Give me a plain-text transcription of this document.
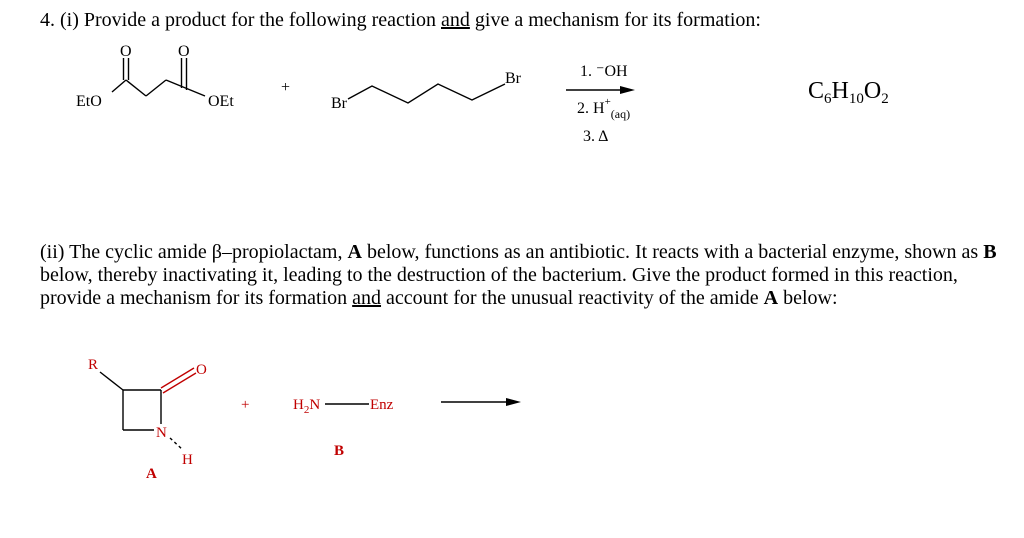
4. (i) Provide a product for the following reaction and give a mechanism for its formation:
O	O
EtO	OEt
+
Br
Br	1. ⁻OH
2. $H^+_{(aq)}$
3. Δ
$C_6H_{10}O_2$
R	O
N
H
A
+	$H_2N$	Enz
B
(ii) The cyclic amide β–propiolactam, A below, functions as an antibiotic. It reacts with a bacterial enzyme, shown as B below, thereby inactivating it, leading to the destruction of the bacterium. Give the product formed in this reaction, provide a mechanism for its formation and account for the unusual reactivity of the amide A below:
